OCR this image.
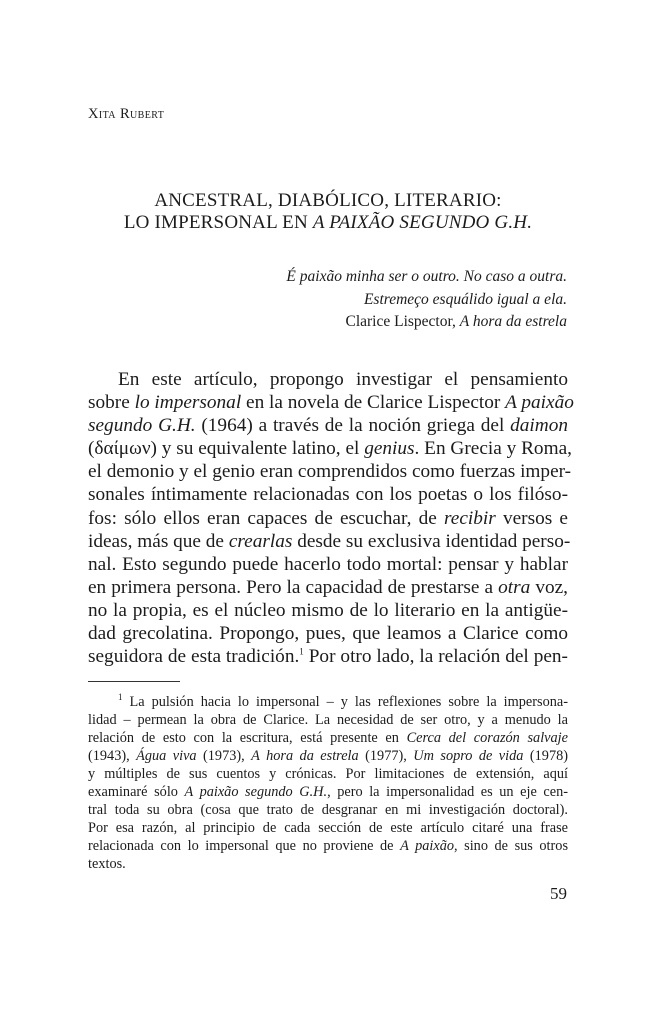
Xita Rubert
ANCESTRAL, DIABÓLICO, LITERARIO:
LO IMPERSONAL EN A PAIXÃO SEGUNDO G.H.
É paixão minha ser o outro. No caso a outra.
Estremeço esquálido igual a ela.
Clarice Lispector, A hora da estrela
En este artículo, propongo investigar el pensamiento
sobre lo impersonal en la novela de Clarice Lispector A paixão
segundo G.H. (1964) a través de la noción griega del daimon
(δαίμων) y su equivalente latino, el genius. En Grecia y Roma,
el demonio y el genio eran comprendidos como fuerzas imper-
sonales íntimamente relacionadas con los poetas o los filóso-
fos: sólo ellos eran capaces de escuchar, de recibir versos e
ideas, más que de crearlas desde su exclusiva identidad perso-
nal. Esto segundo puede hacerlo todo mortal: pensar y hablar
en primera persona. Pero la capacidad de prestarse a otra voz,
no la propia, es el núcleo mismo de lo literario en la antigüe-
dad grecolatina. Propongo, pues, que leamos a Clarice como
seguidora de esta tradición.$^1$ Por otro lado, la relación del pen-
$^1$ La pulsión hacia lo impersonal – y las reflexiones sobre la impersona-
lidad – permean la obra de Clarice. La necesidad de ser otro, y a menudo la
relación de esto con la escritura, está presente en Cerca del corazón salvaje
(1943), Água viva (1973), A hora da estrela (1977), Um sopro de vida (1978)
y múltiples de sus cuentos y crónicas. Por limitaciones de extensión, aquí
examinaré sólo A paixão segundo G.H., pero la impersonalidad es un eje cen-
tral toda su obra (cosa que trato de desgranar en mi investigación doctoral).
Por esa razón, al principio de cada sección de este artículo citaré una frase
relacionada con lo impersonal que no proviene de A paixão, sino de sus otros
textos.
59
